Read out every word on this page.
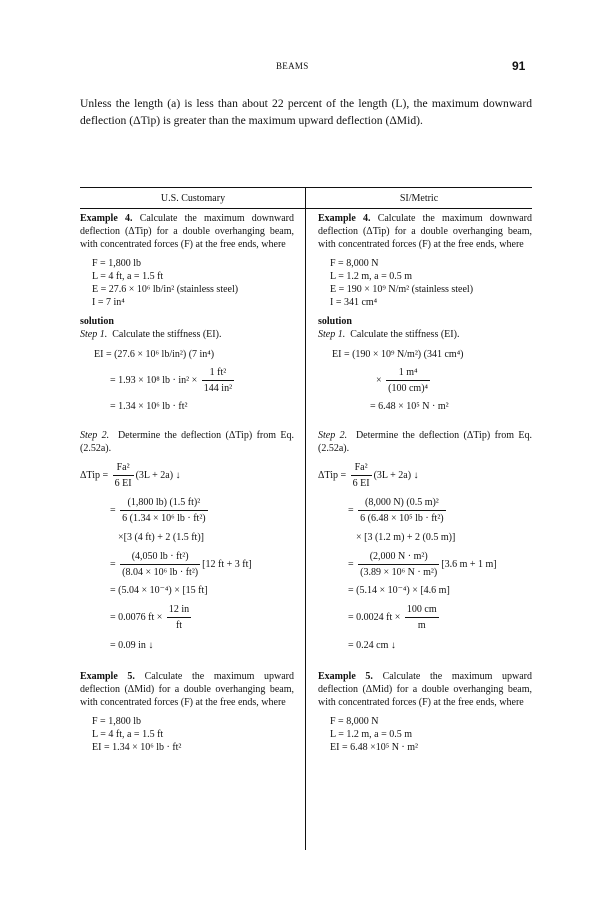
BEAMS	91

Unless the length (a) is less than about 22 percent of the length (L), the maximum downward deflection (ΔTip) is greater than the maximum upward deflection (ΔMid).

U.S. Customary	SI/Metric

Example 4. Calculate the maximum downward deflection (ΔTip) for a double overhanging beam, with concentrated forces (F) at the free ends, where

F = 1,800 lb
L = 4 ft, a = 1.5 ft
E = 27.6 × 10⁶ lb/in² (stainless steel)
I = 7 in⁴
solution
Step 1. Calculate the stiffness (EI).
EI = (27.6 × 10⁶ lb/in²) (7 in⁴)
= 1.93 × 10⁸ lb · $in^2 \times \frac{\text{1 ft²}}{\text{144 in²}}$
= 1.34 × 10⁶ lb · ft²

Step 2. Determine the deflection (ΔTip) from Eq. (2.52a).

$\Delta Tip = \frac{\text{Fa²}}{6 EI} (3L + 2a)$ ↓
= $\frac{\text{(1,800 lb) (1.5 ft)²}}{\text{6 (1.34 × 10⁶ lb · ft²)}}$
×[3 (4 ft) + 2 (1.5 ft)]
= $\frac{\text{(4,050 lb · ft²)}}{\text{(8.04 × 10⁶ lb · ft²)}} [12$ ft + 3 ft]
= (5.04 × 10⁻⁴) × [15 ft]
= 0.0076 ft × $\frac{12 in}{ft}$
= 0.09 in ↓

Example 5. Calculate the maximum upward deflection (ΔMid) for a double overhanging beam, with concentrated forces (F) at the free ends, where

F = 1,800 lb
L = 4 ft, a = 1.5 ft
EI = 1.34 × 10⁶ lb · ft²

Example 4. Calculate the maximum downward deflection (ΔTip) for a double overhanging beam, with concentrated forces (F) at the free ends, where

F = 8,000 N
L = 1.2 m, a = 0.5 m
E = 190 × 10⁹ N/m² (stainless steel)
I = 341 cm⁴
solution
Step 1. Calculate the stiffness (EI).
EI = (190 × 10⁹ N/m²) (341 cm⁴)
× $\frac{\text{1 m⁴}}{\text{(100 cm)⁴}}$
= 6.48 × 10⁵ N · m²

Step 2. Determine the deflection (ΔTip) from Eq. (2.52a).

$\Delta Tip = \frac{\text{Fa²}}{6 EI} (3L + 2a)$ ↓
= $\frac{\text{(8,000 N) (0.5 m)²}}{\text{6 (6.48 × 10⁵ lb · ft²)}}$
× [3 (1.2 m) + 2 (0.5 m)]
= $\frac{\text{(2,000 N · m²)}}{\text{(3.89 × 10⁶ N · m²)}} [3.6$ m + 1 m]
= (5.14 × 10⁻⁴) × [4.6 m]
= 0.0024 ft × $\frac{100 cm}{m}$
= 0.24 cm ↓

Example 5. Calculate the maximum upward deflection (ΔMid) for a double overhanging beam, with concentrated forces (F) at the free ends, where

F = 8,000 N
L = 1.2 m, a = 0.5 m
EI = 6.48 ×10⁵ N · m²
